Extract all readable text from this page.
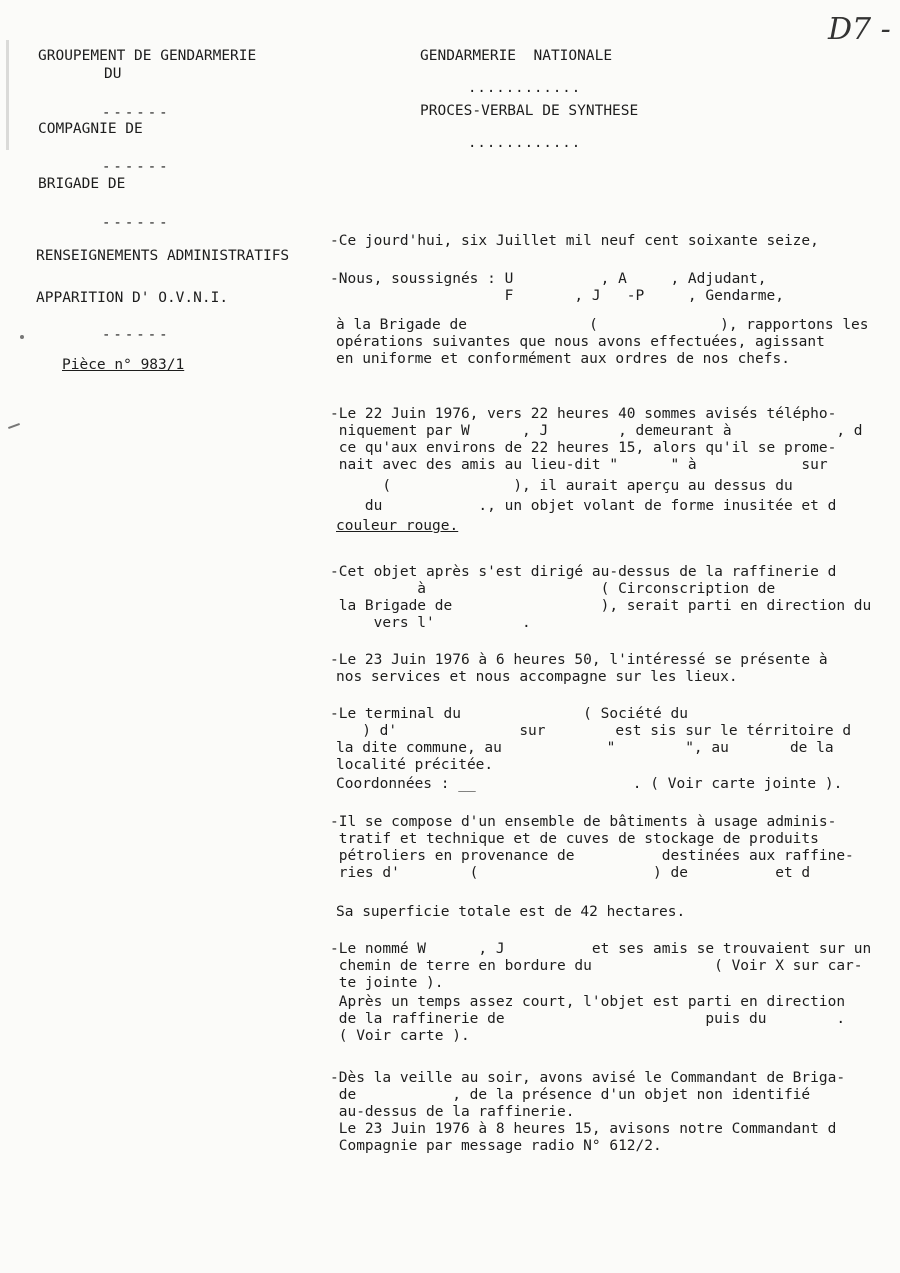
D7 -

GROUPEMENT DE GENDARMERIE

DU

------

COMPAGNIE DE

------

BRIGADE DE

------

RENSEIGNEMENTS ADMINISTRATIFS

APPARITION D' O.V.N.I.

------

Pièce n° 983/1

GENDARMERIE  NATIONALE

............

PROCES-VERBAL DE SYNTHESE

............

-Ce jourd'hui, six Juillet mil neuf cent soixante seize,

-Nous, soussignés : U          , A     , Adjudant,

F       , J   -P     , Gendarme,

à la Brigade de              (              ), rapportons les

opérations suivantes que nous avons effectuées, agissant

en uniforme et conformément aux ordres de nos chefs.

-Le 22 Juin 1976, vers 22 heures 40 sommes avisés télépho-

niquement par W      , J        , demeurant à            , d

ce qu'aux environs de 22 heures 15, alors qu'il se prome-

nait avec des amis au lieu-dit "      " à            sur

(              ), il aurait aperçu au dessus du

du           ., un objet volant de forme inusitée et d

couleur rouge.

-Cet objet après s'est dirigé au-dessus de la raffinerie d

à                    ( Circonscription de

la Brigade de                 ), serait parti en direction du

vers l'          .

-Le 23 Juin 1976 à 6 heures 50, l'intéressé se présente à

nos services et nous accompagne sur les lieux.

-Le terminal du              ( Société du

) d'              sur        est sis sur le térritoire d

la dite commune, au            "        ", au       de la

localité précitée.

Coordonnées : __                  . ( Voir carte jointe ).

-Il se compose d'un ensemble de bâtiments à usage adminis-

tratif et technique et de cuves de stockage de produits

pétroliers en provenance de          destinées aux raffine-

ries d'        (                    ) de          et d

Sa superficie totale est de 42 hectares.

-Le nommé W      , J          et ses amis se trouvaient sur un

chemin de terre en bordure du              ( Voir X sur car-

te jointe ).

Après un temps assez court, l'objet est parti en direction

de la raffinerie de                       puis du        .

( Voir carte ).

-Dès la veille au soir, avons avisé le Commandant de Briga-

de           , de la présence d'un objet non identifié

au-dessus de la raffinerie.

Le 23 Juin 1976 à 8 heures 15, avisons notre Commandant d

Compagnie par message radio N° 612/2.
